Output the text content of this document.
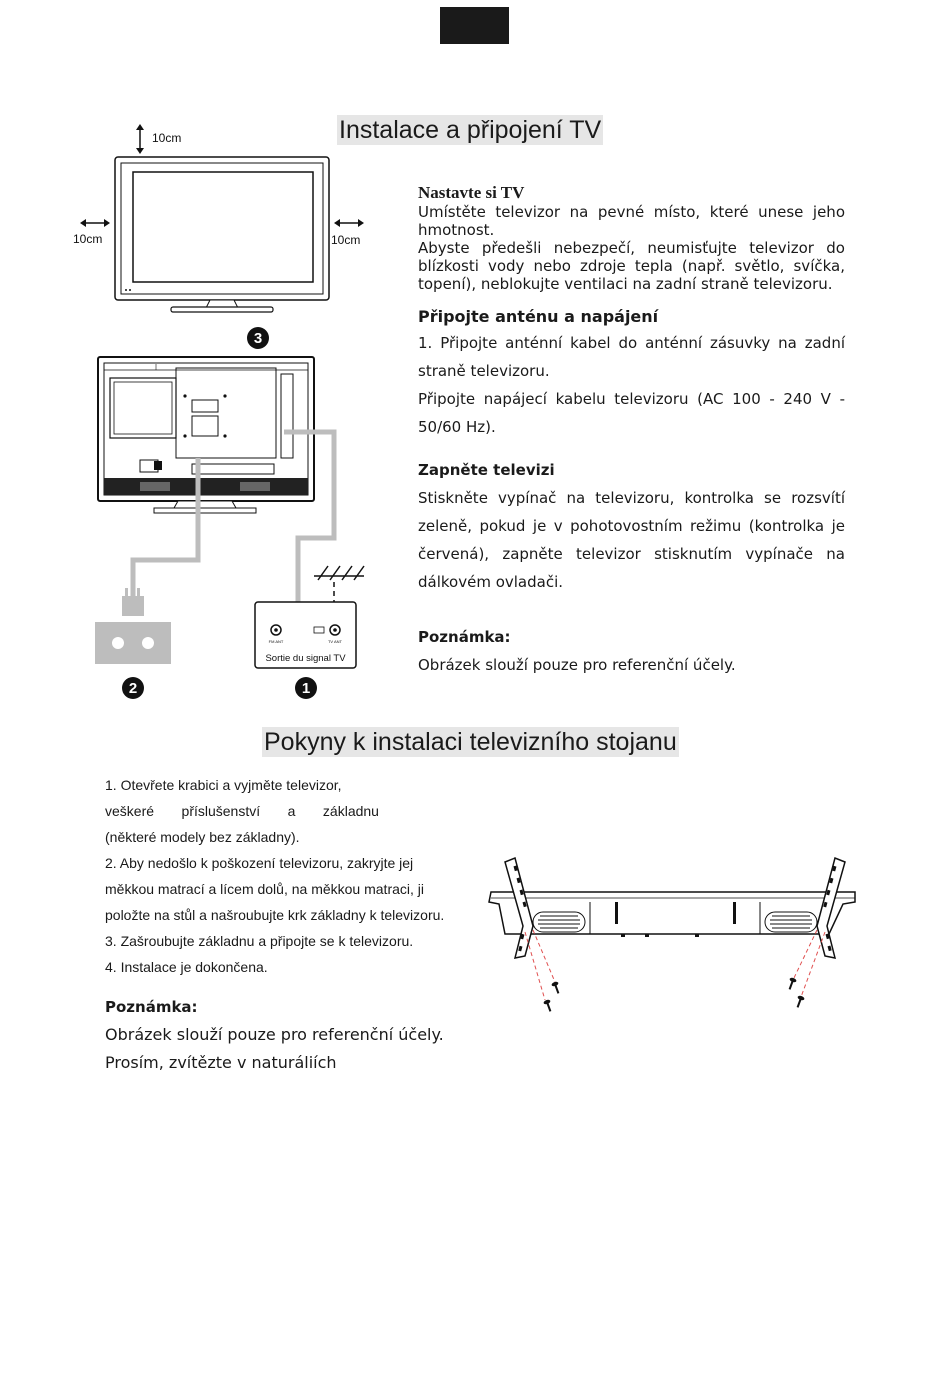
Instalace a připojení TV
10cm
10cm	10cm
3
FM ANT	TV ANT
Sortie du signal TV
2	1
Nastavte si TV

Umístěte televizor na pevné místo, které unese jeho hmotnost.

Abyste předešli nebezpečí, neumisťujte televizor do blízkosti vody nebo zdroje tepla (např. světlo, svíčka, topení), neblokujte ventilaci na zadní straně televizoru.

Připojte anténu a napájení

1. Připojte anténní kabel do anténní zásuvky na zadní straně televizoru.

Připojte napájecí kabelu televizoru (AC 100 - 240 V - 50/60 Hz).

Zapněte televizi

Stiskněte vypínač na televizoru, kontrolka se rozsvítí zeleně, pokud je v pohotovostním režimu (kontrolka je červená), zapněte televizor stisknutím vypínače na dálkovém ovladači.

Poznámka:

Obrázek slouží pouze pro referenční účely.

Pokyny k instalaci televizního stojanu
1. Otevřete krabici a vyjměte televizor,
veškeré příslušenství a základnu
(některé modely bez základny).
2. Aby nedošlo k poškození televizoru, zakryjte jej
měkkou matrací a lícem dolů, na měkkou matraci, ji
položte na stůl a našroubujte krk základny k televizoru.
3. Zašroubujte základnu a připojte se k televizoru.
4. Instalace je dokončena.
Poznámka:
Obrázek slouží pouze pro referenční účely.
Prosím, zvítězte v naturáliích
